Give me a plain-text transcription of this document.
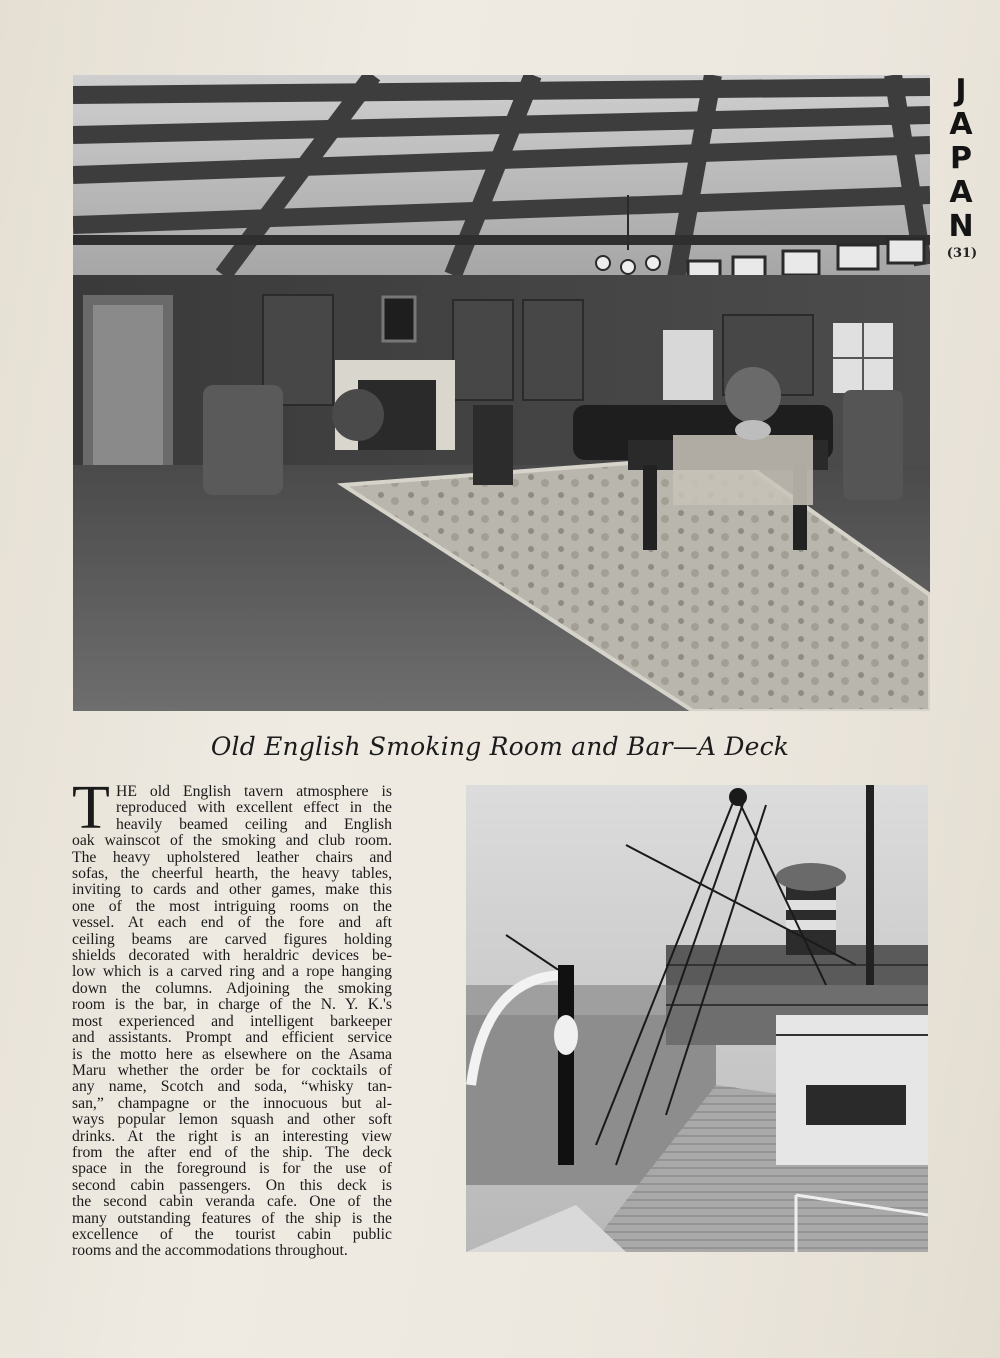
J
A
P
A
N
(31)
Old English Smoking Room and Bar—A Deck
T HE old English tavern atmosphere is
reproduced with excellent effect in the
heavily beamed ceiling and English
oak wainscot of the smoking and club room.
The heavy upholstered leather chairs and
sofas, the cheerful hearth, the heavy tables,
inviting to cards and other games, make this
one of the most intriguing rooms on the
vessel. At each end of the fore and aft
ceiling beams are carved figures holding
shields decorated with heraldric devices be-
low which is a carved ring and a rope hanging
down the columns. Adjoining the smoking
room is the bar, in charge of the N. Y. K.'s
most experienced and intelligent barkeeper
and assistants. Prompt and efficient service
is the motto here as elsewhere on the Asama
Maru whether the order be for cocktails of
any name, Scotch and soda, “whisky tan-
san,” champagne or the innocuous but al-
ways popular lemon squash and other soft
drinks. At the right is an interesting view
from the after end of the ship. The deck
space in the foreground is for the use of
second cabin passengers. On this deck is
the second cabin veranda cafe. One of the
many outstanding features of the ship is the
excellence of the tourist cabin public
rooms and the accommodations throughout.
